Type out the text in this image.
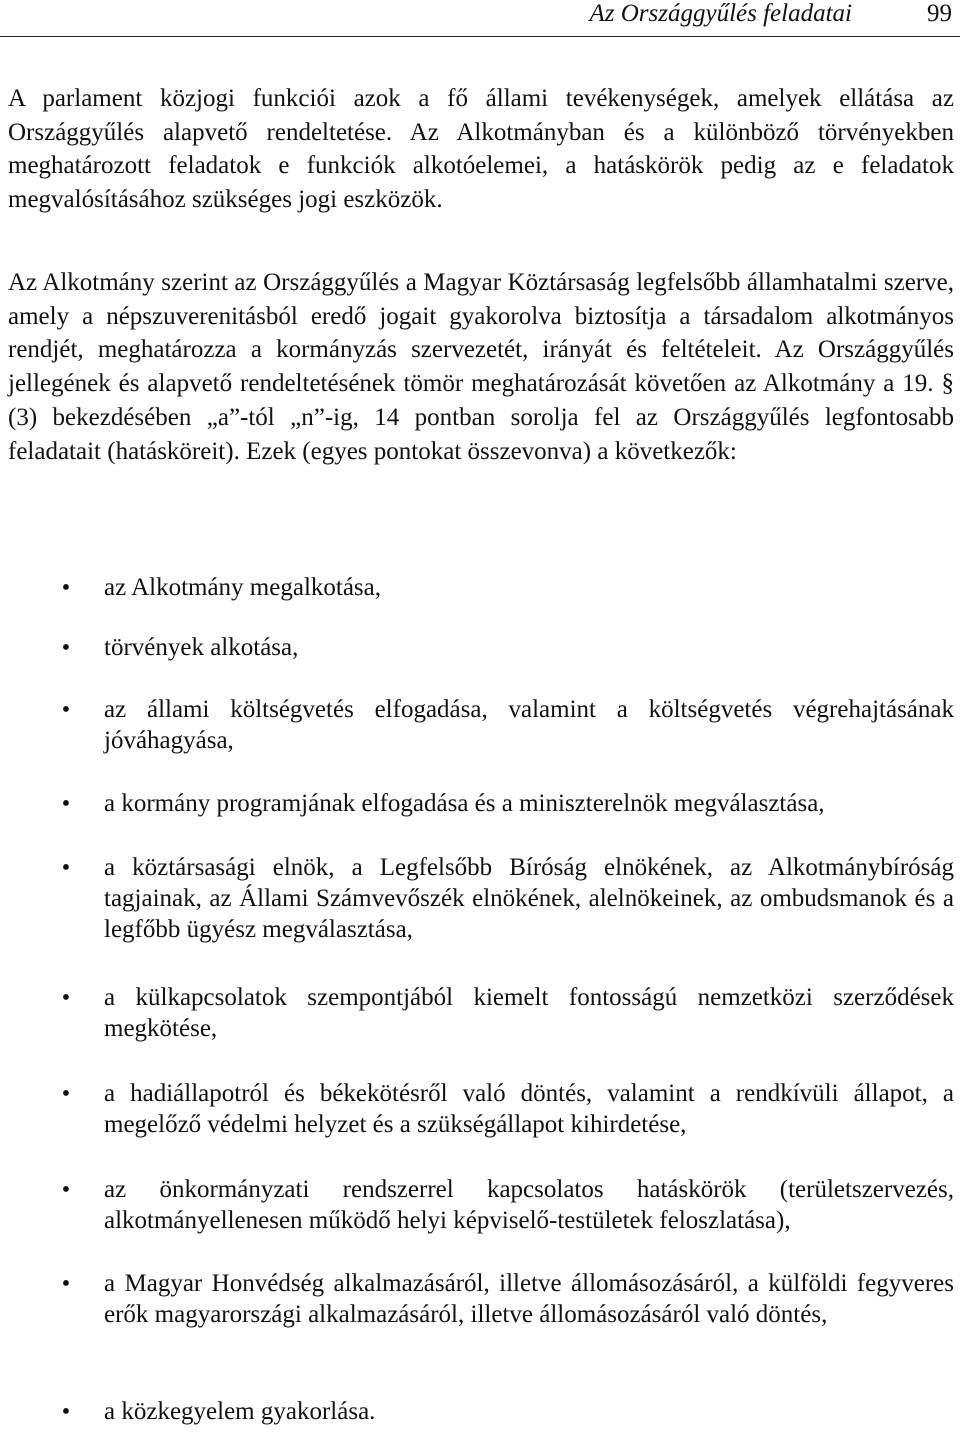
Az Országgyűlés feladatai	99

A parlament közjogi funkciói azok a fő állami tevékenységek, amelyek ellátása az Országgyűlés alapvető rendeltetése. Az Alkotmányban és a különböző törvényekben meghatározott feladatok e funkciók alkotóelemei, a hatáskörök pedig az e feladatok megvalósításához szükséges jogi eszközök.

Az Alkotmány szerint az Országgyűlés a Magyar Köztársaság legfelsőbb államhatalmi szerve, amely a népszuverenitásból eredő jogait gyakorolva biztosítja a társadalom alkotmányos rendjét, meghatározza a kormányzás szervezetét, irányát és feltételeit. Az Országgyűlés jellegének és alapvető rendeltetésének tömör meghatározását követően az Alkotmány a 19. § (3) bekezdésében „a”-tól „n”-ig, 14 pontban sorolja fel az Országgyűlés legfontosabb feladatait (hatásköreit). Ezek (egyes pontokat összevonva) a következők:

• az Alkotmány megalkotása,
• törvények alkotása,
• az állami költségvetés elfogadása, valamint a költségvetés végrehajtásának jóváhagyása,
• a kormány programjának elfogadása és a miniszterelnök megválasztása,
• a köztársasági elnök, a Legfelsőbb Bíróság elnökének, az Alkotmánybíróság tagjainak, az Állami Számvevőszék elnökének, alelnökeinek, az ombudsmanok és a legfőbb ügyész megválasztása,
• a külkapcsolatok szempontjából kiemelt fontosságú nemzetközi szerződések megkötése,
• a hadiállapotról és békekötésről való döntés, valamint a rendkívüli állapot, a megelőző védelmi helyzet és a szükségállapot kihirdetése,
• az önkormányzati rendszerrel kapcsolatos hatáskörök (területszervezés, alkotmányellenesen működő helyi képviselő-testületek feloszlatása),
• a Magyar Honvédség alkalmazásáról, illetve állomásozásáról, a külföldi fegyveres erők magyarországi alkalmazásáról, illetve állomásozásáról való döntés,
• a közkegyelem gyakorlása.
